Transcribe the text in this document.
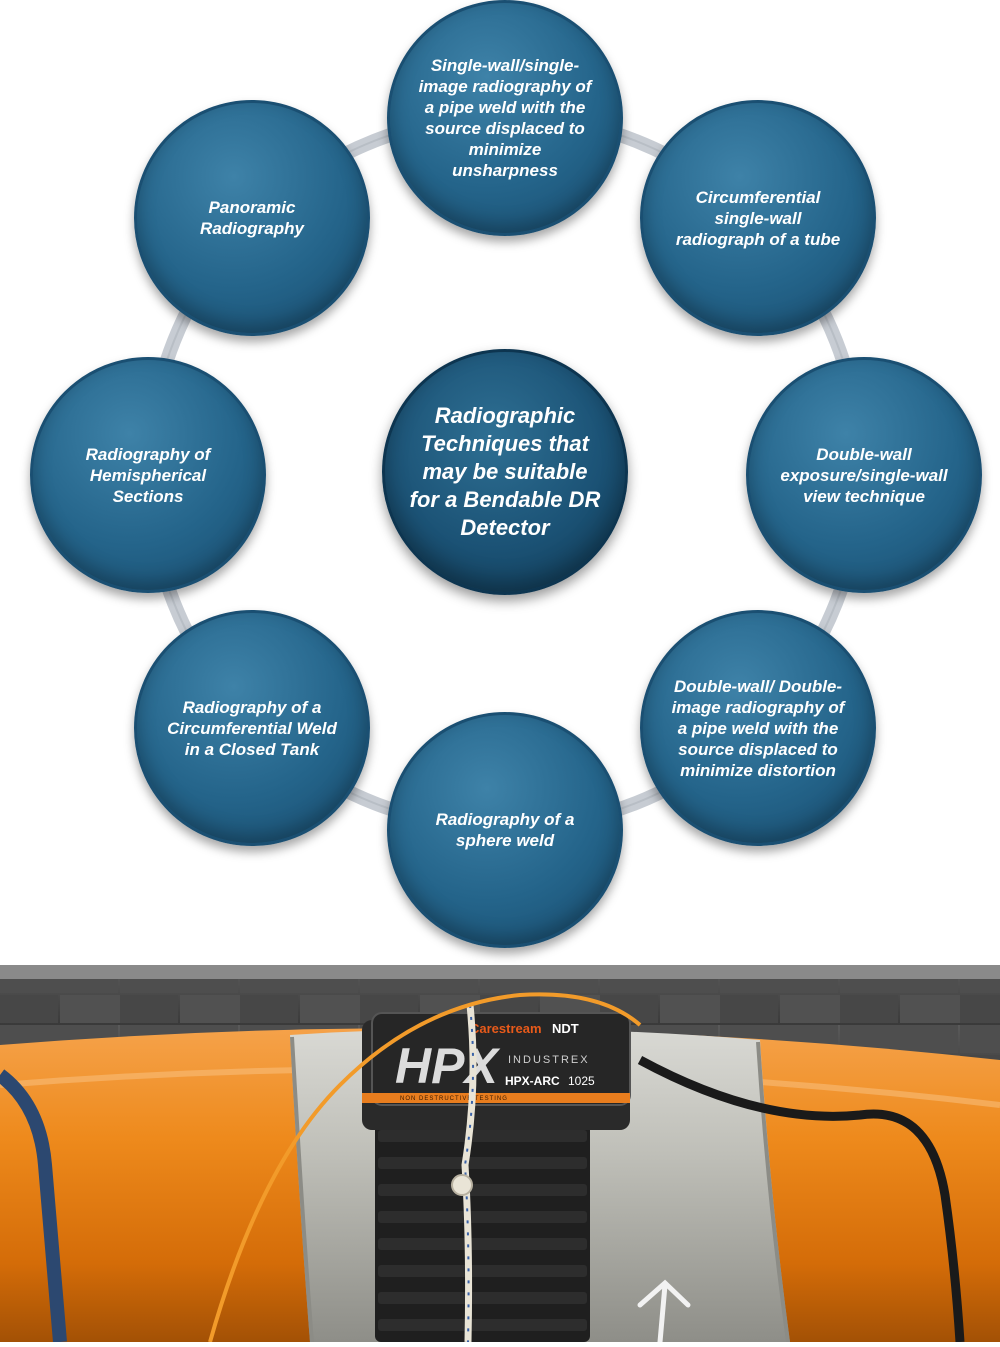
Single-wall/single-image radiography of a pipe weld with the source displaced to minimize unsharpness
Circumferential single-wall radiograph of a tube
Double-wall exposure/single-wall view technique
Double-wall/ Double-image radiography of a pipe weld with the source displaced to minimize distortion
Radiography of a sphere weld
Radiography of a Circumferential Weld in a Closed Tank
Radiography of Hemispherical Sections
Panoramic Radiography
Radiographic Techniques that may be suitable for a Bendable DR Detector
Carestream NDT
HPX INDUSTREX
HPX-ARC 1025
NON DESTRUCTIVE TESTING
